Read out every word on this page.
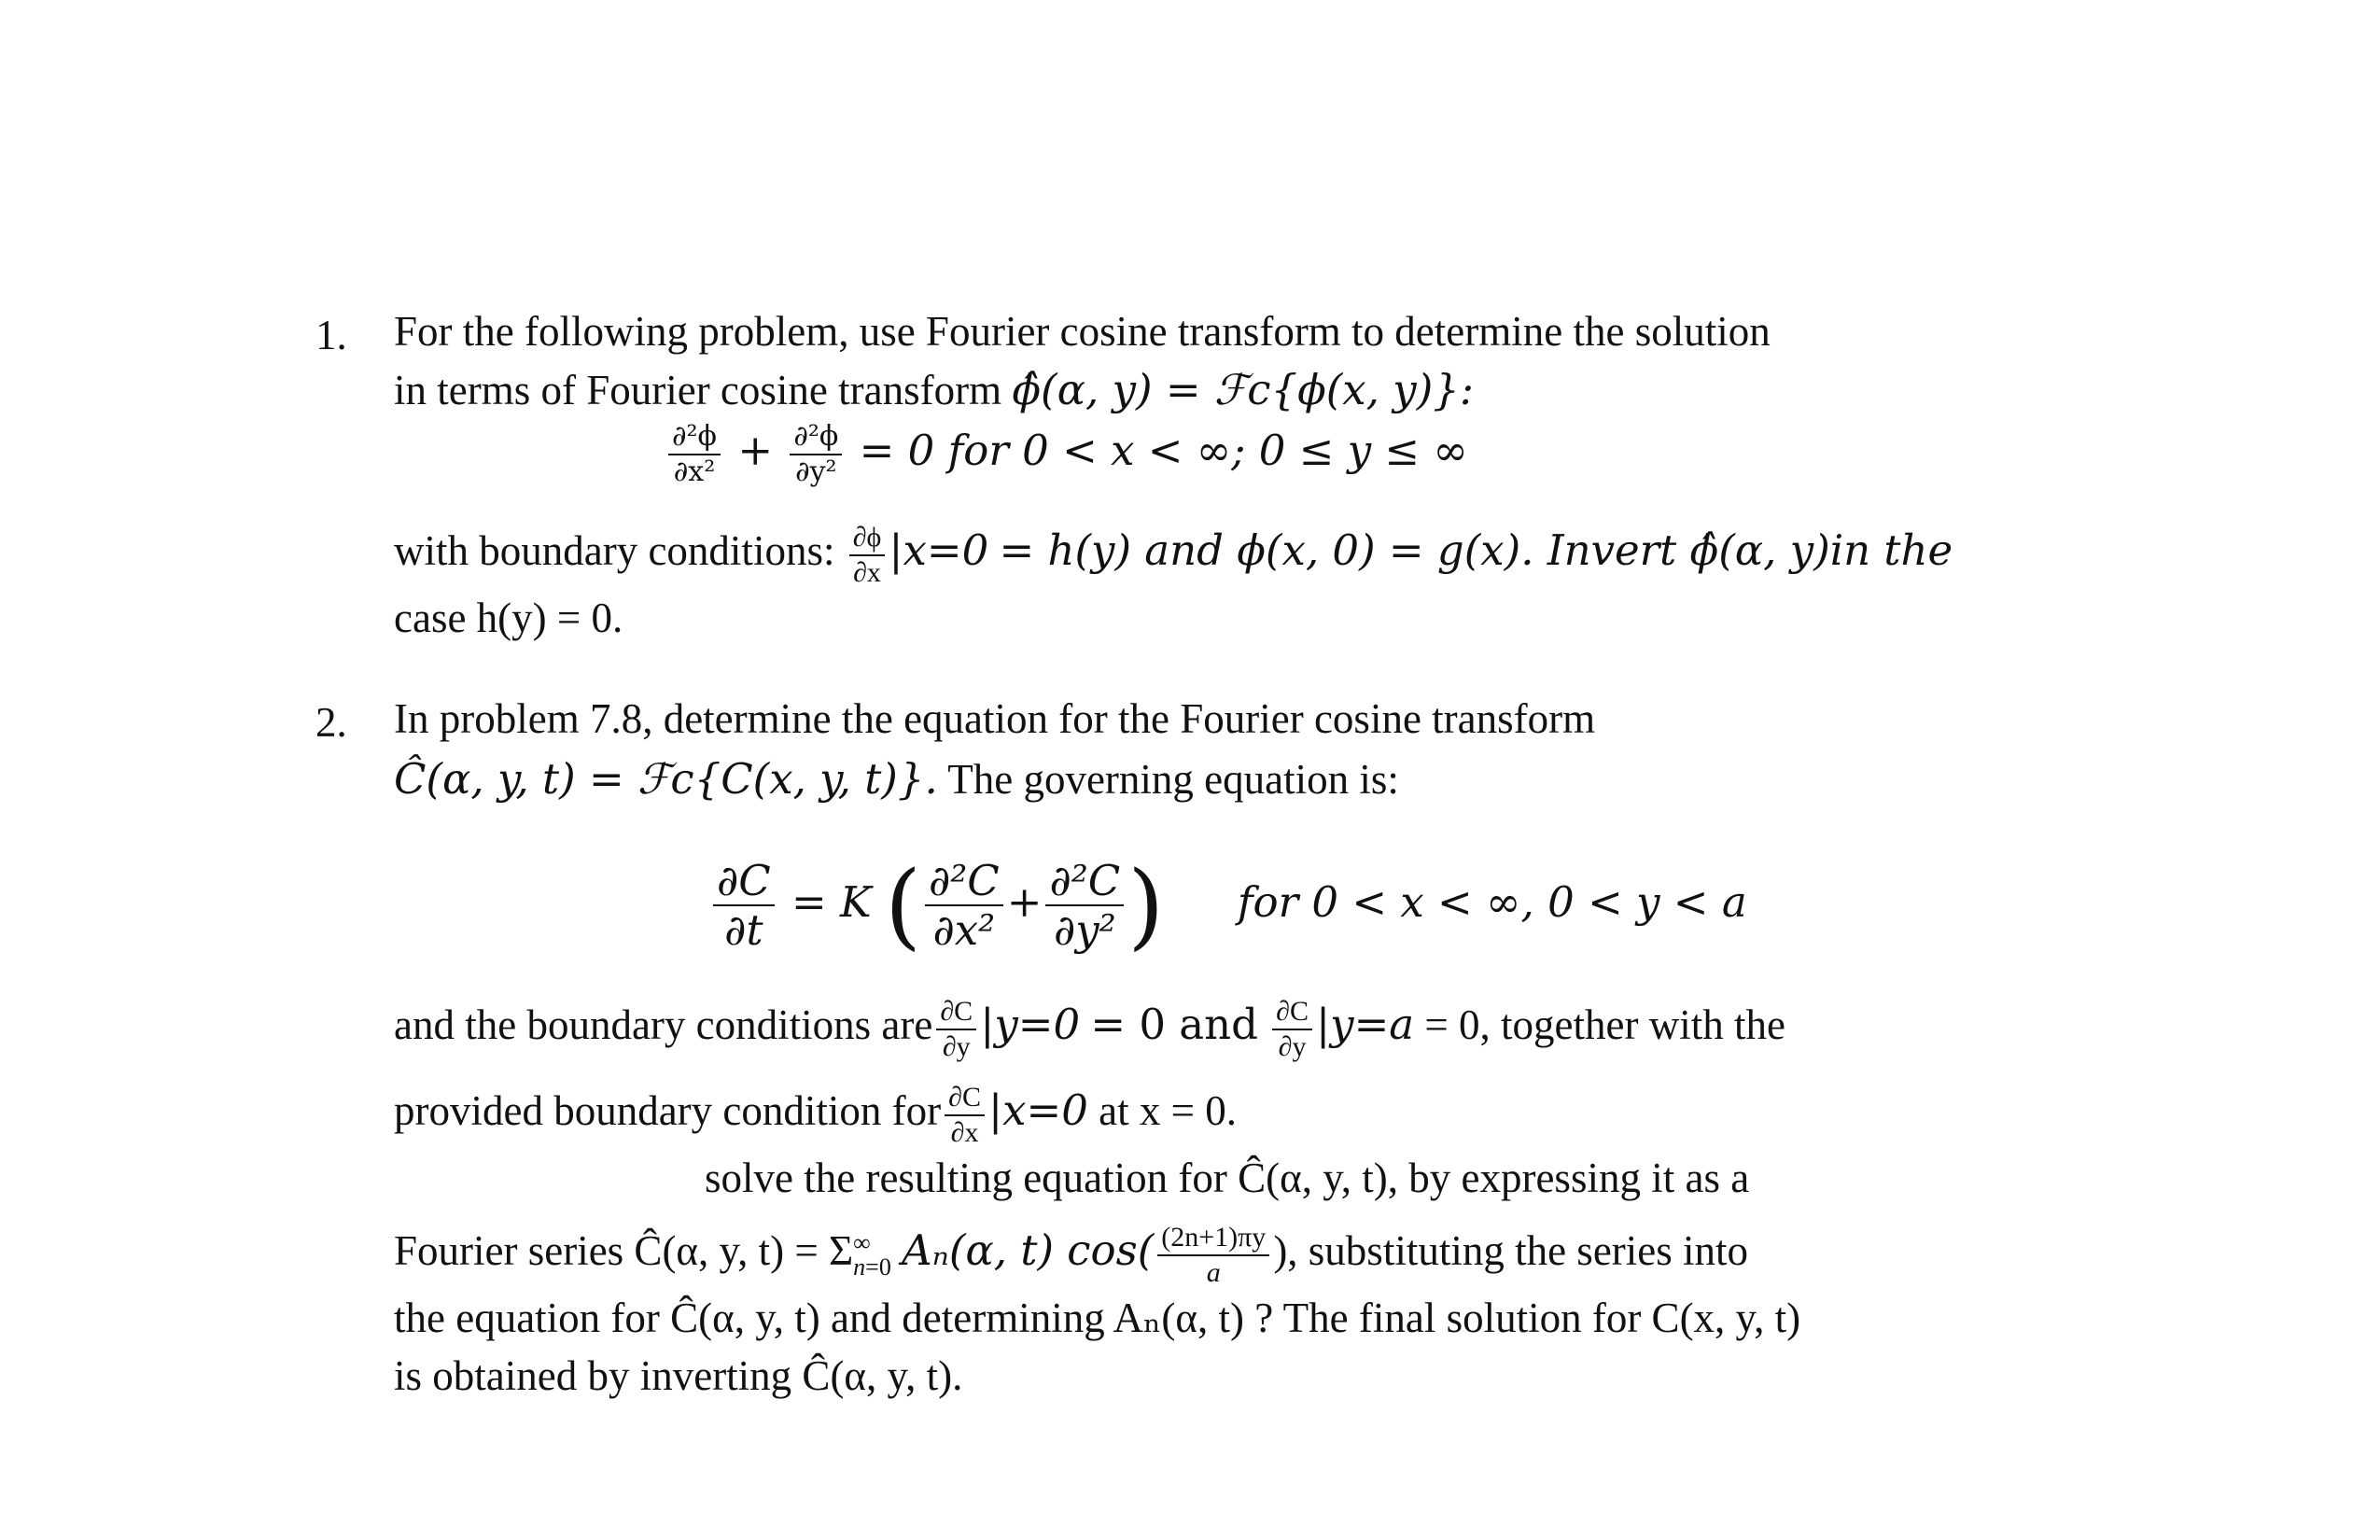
1. For the following problem, use Fourier cosine transform to determine the solution
in terms of Fourier cosine transform ϕ̂(α, y) = ℱc{ϕ(x, y)}:
$\frac{\text{∂²ϕ}}{\text{∂x²}} + \frac{\text{∂²ϕ}}{\text{∂y²}} = 0$ for 0 < x < ∞; 0 ≤ y ≤ ∞
with boundary conditions: $\frac{\partial\phi}{\partial x} |x=0 = h(y)$ and ϕ(x, 0) = g(x). Invert ϕ̂(α, y)in the
case h(y) = 0.
2. In problem 7.8, determine the equation for the Fourier cosine transform
Ĉ(α, y, t) = ℱc{C(x, y, t)}. The governing equation is:
$\frac{\partial C}{\partial t} = K$ ( $\frac{\text{∂²C}}{\text{∂x²}} + \frac{\text{∂²C}}{\text{∂y²}}$ ) for 0 < x < ∞, 0 < y < a
and the boundary conditions are $\frac{\partial C}{\partial y} |y=0 = 0$ and $\frac{\partial C}{\partial y} |y=a = 0$, together with the
provided boundary condition for $\frac{\partial C}{\partial x} |x=0$ at x = 0.
solve the resulting equation for Ĉ(α, y, t), by expressing it as a
Fourier series Ĉ(α, y, t) = Σ ∞
n=0 Aₙ(α, t) $\cos( \frac{(2n+1)\pi y}{a}$ ), substituting the series into
the equation for Ĉ(α, y, t) and determining Aₙ(α, t) ? The final solution for C(x, y, t)
is obtained by inverting Ĉ(α, y, t).
